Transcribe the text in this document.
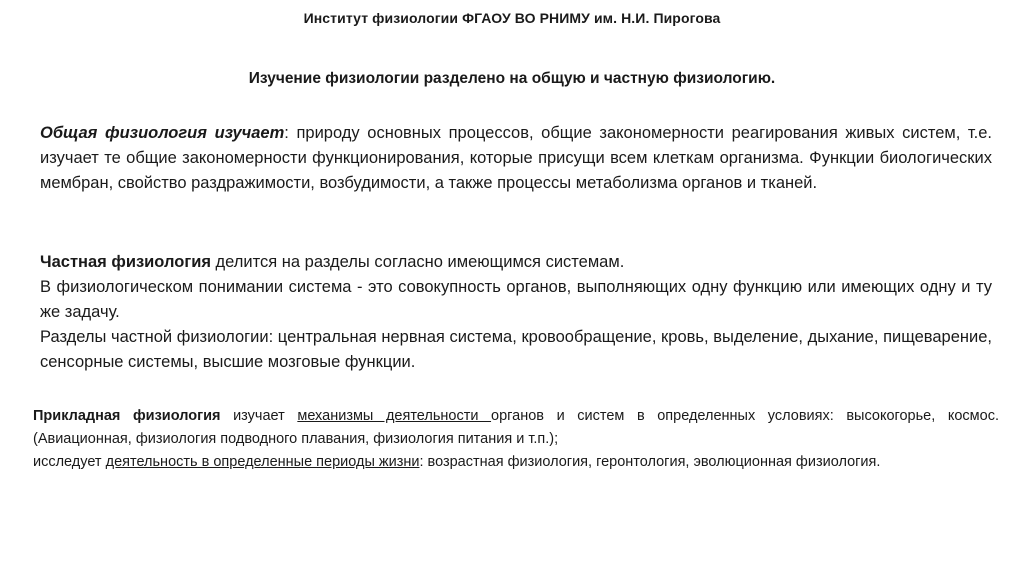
Институт физиологии ФГАОУ ВО РНИМУ им. Н.И. Пирогова
Изучение физиологии разделено на общую и частную физиологию.

Общая физиология изучает: природу основных процессов, общие закономерности реагирования живых систем, т.е. изучает те общие закономерности функционирования, которые присущи всем клеткам организма. Функции биологических мембран, свойство раздражимости, возбудимости, а также процессы метаболизма органов и тканей.

Частная физиология делится на разделы согласно имеющимся системам.

В физиологическом понимании система - это совокупность органов, выполняющих одну функцию или имеющих одну и ту же задачу.

Разделы частной физиологии: центральная нервная система, кровообращение, кровь, выделение, дыхание, пищеварение, сенсорные системы, высшие мозговые функции.

Прикладная физиология изучает механизмы деятельности органов и систем в определенных условиях: высокогорье, космос. (Авиационная, физиология подводного плавания, физиология питания и т.п.);
исследует деятельность в определенные периоды жизни: возрастная физиология, геронтология, эволюционная физиология.
